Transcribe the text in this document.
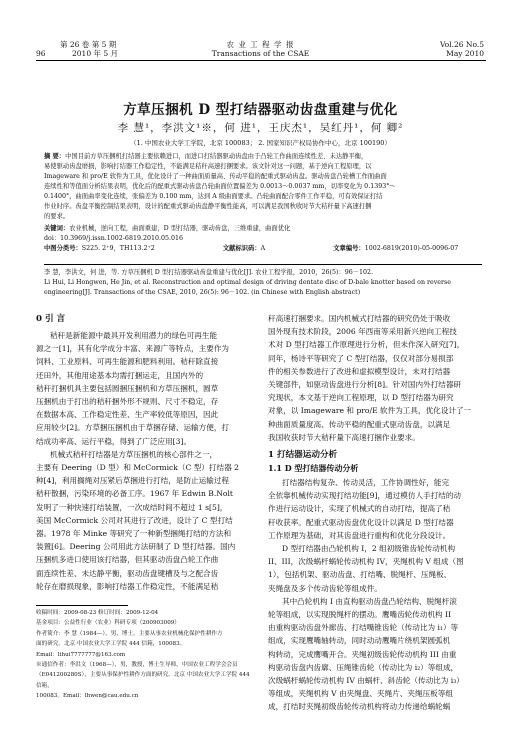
第 26 卷 第 5 期
96	2010 年 5 月
农 业 工 程 学 报
Transactions of the CSAE
Vol.26 No.5
May 2010
方草压捆机 D 型打结器驱动齿盘重建与优化
李 慧¹，李洪文¹※，何 进¹，王庆杰¹，吴红丹¹，何 卿²
（1. 中国农业大学工学院，北京 100083； 2. 国家知识产权局协作中心，北京 100190）
摘 要：中国目前方草压捆机打结器主要依赖进口，而进口打结器驱动齿盘由于凸轮工作曲面连续性差、未达静平衡，
易使驱动齿盘磨损，影响打结器工作稳定性，不能满足秸秆高速打捆要求。该文针对这一问题，基于逆向工程原理，以
Imageware 和 pro/E 软件为工具，优化设计了一种曲面质量高、传动平稳的配重式驱动齿盘。驱动齿盘凸轮槽工作面曲面
连续性和等值面分析结果表明，优化后的配重式驱动齿盘凸轮曲面位置偏差为 0.0013～0.0037 mm，切率变化为 0.1393°～
0.1400°，曲面曲率变化连续，张偏差为 0.100 mm，达到 A 级曲面要求。凸轮曲面配合零件工作平稳，可有效保证打结
作业时序。齿盘平衡控制结果表明，设计的配重式驱动齿盘静平衡性能高，可以满足我国秋收时节大秸秆量下高速打捆
的要求。
关键词：农业机械，逆向工程，曲面重建，D 型打结器，驱动齿盘，三维重建，曲面优化
doi：10.3969/j.issn.1002-6819.2010.05.016
中图分类号：S225. 2⁺9，TH113.2⁺2	文献标识码：A	文章编号：1002-6819(2010)-05-0096-07
李 慧，李洪文，何 进，等. 方草压捆机 D 型打结器驱动齿盘重建与优化[J]. 农业工程学报，2010，26(5)：96－102.
Li Hui, Li Hongwen, He Jin, et al. Reconstruction and optimal design of driving dentate disc of D-bale knotter based on reverse
engineering[J]. Transactions of the CSAE, 2010, 26(5): 96－102. (in Chinese with English abstract)
0 引 言
秸秆是新能源中最具开发利用潜力的绿色可再生能
源之一[1]，其有化学成分丰富、来源广等特点，主要作为
饲料、工业原料、可再生能源和肥料利用。秸秆除直接
还田外，其他用途基本均需打捆运走，且国内外的
秸秆打捆机具主要包括圆捆压捆机和方草压捆机，圆草
压捆机由于打出的秸秆捆外形不规则、尺寸不稳定，存
在数据本高、工作稳定性差、生产率较低等原因，因此
应用较少[2]。方草捆压捆机由于草捆存储、运输方便，打
结成功率高、运行平稳，得到了广泛应用[3]。
机械式秸秆打结器是方草压捆机的核心部件之一，
主要有 Deering（D 型）和 McCormick（C 型）打结器 2
种[4]，利用搁绳对压紧后草捆进行打结，是防止运输过程
秸秆散捆，污染环境的必备工序。1967 年 Edwin B.Nolt
发明了一种快速打结装置，一次成结时间不超过 1 s[5]，
美国 McCormick 公司对其进行了改进，设计了 C 型打结
器。1978 年 Minke 等研究了一种新型捆绳打结的方法和
装置[6]。Deering 公司用此方法研制了 D 型打结器。国内
压捆机多进口使用该打结器，但其驱动齿盘凸轮工作曲
面连续性差、未达静平衡，驱动齿盘键槽及与之配合齿
轮存在磨损现象，影响打结器工作稳定性，不能满足秸
收稿时间：2009-08-23 修订时间：2009-12-04
基金项目：公益性行业（农业）科研专项（200903009）
作者简介：李 慧（1984—），男，博士，主要从事农业机械化保护性耕作方
面的研究。北京 中国农业大学工学院 444 信箱，100083。
Email：lihui7777777@163.com
※通信作者：李洪文（1968—），男，教授，博士生导师，中国农业工程学会会员
（E041200280S），主要从事保护性耕作方面的研究。北京 中国农业大学工学院 444 信箱，
100083。Email：lhwen@cau.edu.cn
秆高速打捆要求。国内机械式打结器的研究仍处于吸收
国外现有技术阶段，2006 年西南等采用新兴逆向工程技
术对 D 型打结器工作原理进行分析，但未作深入研究[7]，
同年，杨诗平等研究了 C 型打结器，仅仅对部分易损部
件的相关参数进行了改进和虚拟模型设计，未对打结器
关键部件，如驱动齿盘进行分析[8]。针对国内外打结器研
究现状，本文基于逆向工程原理，以 D 型打结器为研究
对象，以 Imageware 和 pro/E 软件为工具，优化设计了一
种曲面质量度高、传动平稳的配重式驱动齿盘，以满足
我国收获时节大秸秆量下高速打捆作业要求。
1 打结器运动分析
1.1 D 型打结器传动分析
打结器结构复杂、传动灵活，工作协调性好，能完
全依靠机械传动实现打结功能[9]，通过模仿人手打结的动
作进行运动设计，实现了机械式的自动打结，提高了秸
秆收获率。配重式驱动齿盘优化设计以满足 D 型打结器
工作原理为基础，对其齿盘进行重构和优化分段设计。
D 型打结器由凸轮机构 I，2 组初级锥齿轮传动机构
II、III，次级蜗杆蜗轮传动机构 IV，夹绳机构 V 组成（图
1），包括机架、驱动齿盘、打结嘴、脱绳杆、压绳板、
夹绳盘及多个传动齿轮等组成件。
其中凸轮机构 I 由直构驱动齿盘凸轮结构、脱绳杆滚
轮等组成，以实现脱绳杆的摆动。鹰嘴齿轮传动机构 II
由重构驱动齿盘外廊齿、打结嘴锥齿轮（传动比为 i₁）等
组成，实现鹰嘴轴转动，同时动动鹰嘴片绕机架圆弧机
构转动，完成鹰嘴开合。夹绳初级齿轮传动机构 III 由重
构驱动齿盘内齿廓、压绳锥齿轮（传动比为 i₂）等组成，
次级蜗杆蜗轮传动机构 IV 由蜗杆、斜齿轮（传动比为 i₃）
等组成，夹绳机构 V 由夹绳盘、夹绳片、夹绳压板等组
成，打结时夹绳初级齿轮传动机构将动力传递给蜗轮蜗
